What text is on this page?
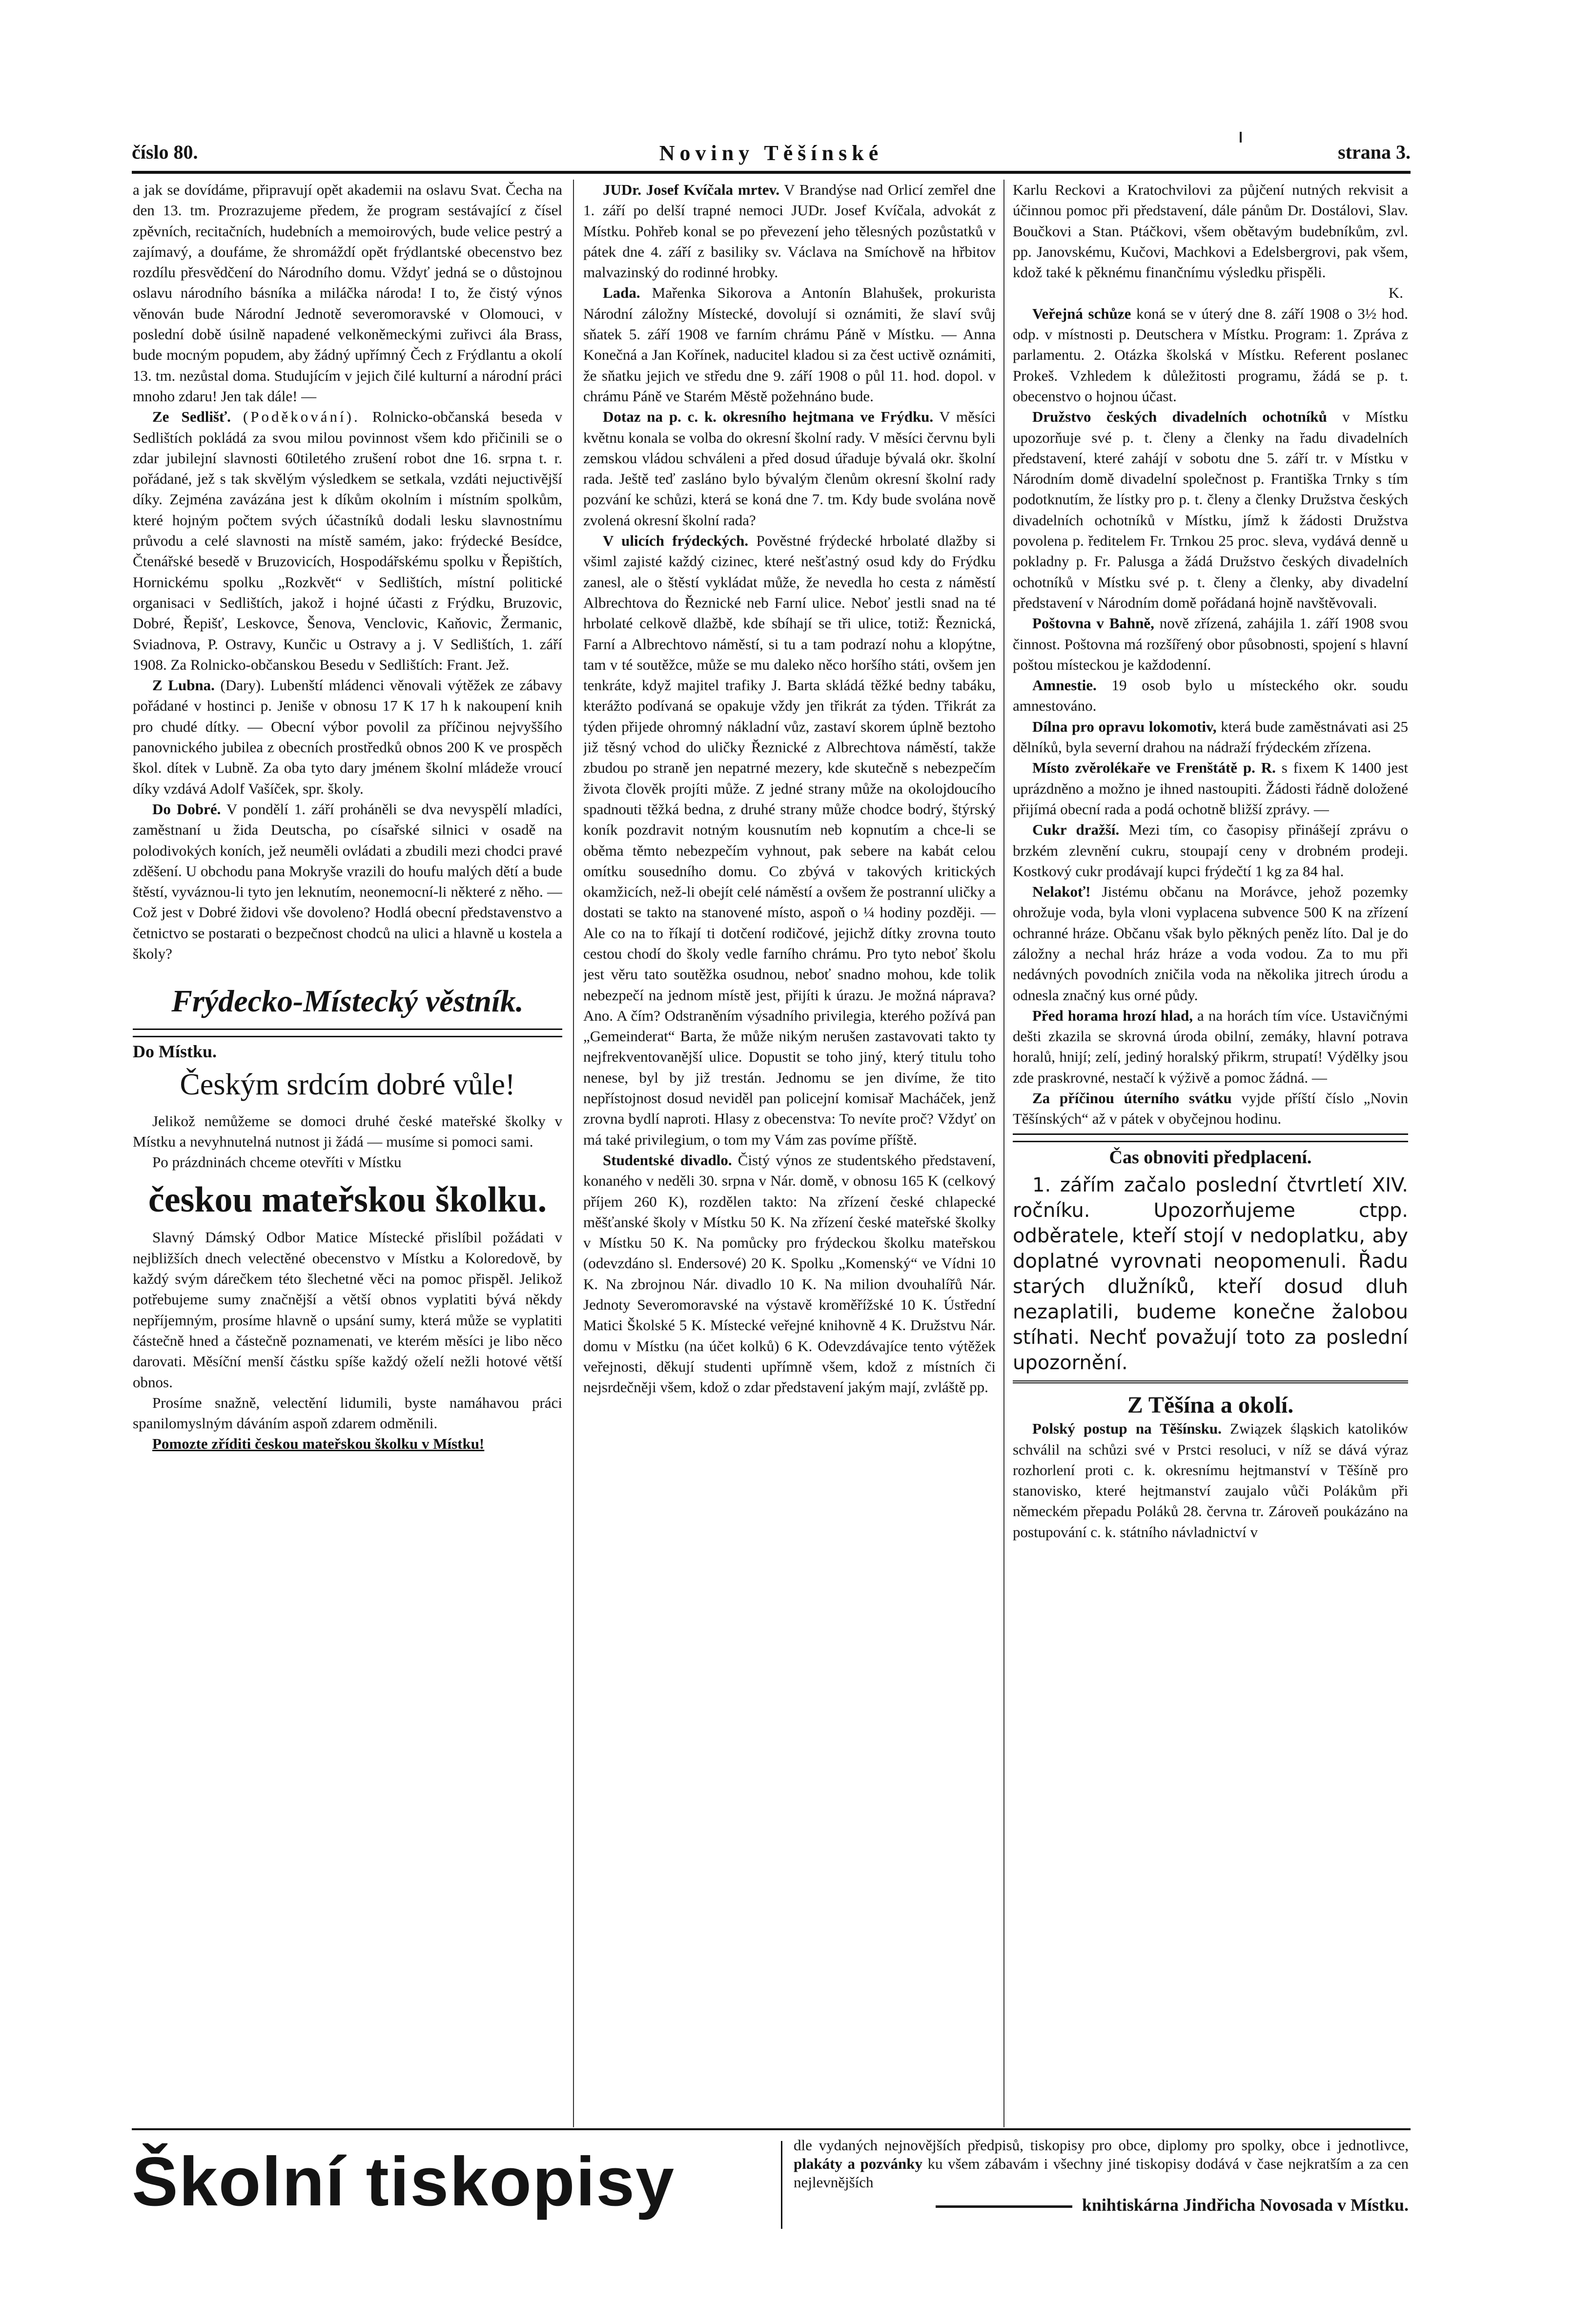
číslo 80.	Noviny Těšínské	strana 3.

a jak se dovídáme, připravují opět akademii na oslavu Svat. Čecha na den 13. tm. Prozrazujeme předem, že program sestávající z čísel zpěvních, recitačních, hudebních a memoirových, bude velice pestrý a zajímavý, a doufáme, že shromáždí opět frýdlantské obecenstvo bez rozdílu přesvědčení do Národního domu. Vždyť jedná se o důstojnou oslavu národního básníka a miláčka národa! I to, že čistý výnos věnován bude Národní Jednotě severomoravské v Olomouci, v poslední době úsilně napadené velkoněmeckými zuřivci ála Brass, bude mocným popudem, aby žádný upřímný Čech z Frýdlantu a okolí 13. tm. nezůstal doma. Studujícím v jejich čilé kulturní a národní práci mnoho zdaru! Jen tak dále! —

Ze Sedlišť. (Poděkování). Rolnicko-občanská beseda v Sedlištích pokládá za svou milou povinnost všem kdo přičinili se o zdar jubilejní slavnosti 60tiletého zrušení robot dne 16. srpna t. r. pořádané, jež s tak skvělým výsledkem se setkala, vzdáti nejuctivější díky. Zejména zavázána jest k díkům okolním i místním spolkům, které hojným počtem svých účastníků dodali lesku slavnostnímu průvodu a celé slavnosti na místě samém, jako: frýdecké Besídce, Čtenářské besedě v Bruzovicích, Hospodářskému spolku v Řepištích, Hornickému spolku „Rozkvět“ v Sedlištích, místní politické organisaci v Sedlištích, jakož i hojné účasti z Frýdku, Bruzovic, Dobré, Řepišť, Leskovce, Šenova, Venclovic, Kaňovic, Žermanic, Sviadnova, P. Ostravy, Kunčic u Ostravy a j. V Sedlištích, 1. září 1908. Za Rolnicko-občanskou Besedu v Sedlištích: Frant. Jež.

Z Lubna. (Dary). Lubenští mládenci věnovali výtěžek ze zábavy pořádané v hostinci p. Jeniše v obnosu 17 K 17 h k nakoupení knih pro chudé dítky. — Obecní výbor povolil za příčinou nejvyššího panovnického jubilea z obecních prostředků obnos 200 K ve prospěch škol. dítek v Lubně. Za oba tyto dary jménem školní mládeže vroucí díky vzdává Adolf Vašíček, spr. školy.

Do Dobré. V pondělí 1. září proháněli se dva nevyspělí mladíci, zaměstnaní u žida Deutscha, po císařské silnici v osadě na polodivokých koních, jež neuměli ovládati a zbudili mezi chodci pravé zděšení. U obchodu pana Mokryše vrazili do houfu malých dětí a bude štěstí, vyváznou-li tyto jen leknutím, neonemocní-li některé z něho. — Což jest v Dobré židovi vše dovoleno? Hodlá obecní představenstvo a četnictvo se postarati o bezpečnost chodců na ulici a hlavně u kostela a školy?

Frýdecko-Místecký věstník.

Do Místku.

Českým srdcím dobré vůle!

Jelikož nemůžeme se domoci druhé české mateřské školky v Místku a nevyhnutelná nutnost ji žádá — musíme si pomoci sami.

Po prázdninách chceme otevříti v Místku

českou mateřskou školku.

Slavný Dámský Odbor Matice Místecké přislíbil požádati v nejbližších dnech velectěné obecenstvo v Místku a Koloredově, by každý svým dárečkem této šlechetné věci na pomoc přispěl. Jelikož potřebujeme sumy značnější a větší obnos vyplatiti bývá někdy nepříjemným, prosíme hlavně o upsání sumy, která může se vyplatiti částečně hned a částečně poznamenati, ve kterém měsíci je libo něco darovati. Měsíční menší částku spíše každý oželí nežli hotové větší obnos.

Prosíme snažně, velectění lidumili, byste namáhavou práci spanilomyslným dáváním aspoň zdarem odměnili.

Pomozte zříditi českou mateřskou školku v Místku!

JUDr. Josef Kvíčala mrtev. V Brandýse nad Orlicí zemřel dne 1. září po delší trapné nemoci JUDr. Josef Kvíčala, advokát z Místku. Pohřeb konal se po převezení jeho tělesných pozůstatků v pátek dne 4. září z basiliky sv. Václava na Smíchově na hřbitov malvazinský do rodinné hrobky.

Lada. Mařenka Sikorova a Antonín Blahušek, prokurista Národní záložny Místecké, dovolují si oznámiti, že slaví svůj sňatek 5. září 1908 ve farním chrámu Páně v Místku. — Anna Konečná a Jan Kořínek, naducitel kladou si za čest uctivě oznámiti, že sňatku jejich ve středu dne 9. září 1908 o půl 11. hod. dopol. v chrámu Páně ve Starém Městě požehnáno bude.

Dotaz na p. c. k. okresního hejtmana ve Frýdku. V měsíci květnu konala se volba do okresní školní rady. V měsíci červnu byli zemskou vládou schváleni a před dosud úřaduje bývalá okr. školní rada. Ještě teď zasláno bylo bývalým členům okresní školní rady pozvání ke schůzi, která se koná dne 7. tm. Kdy bude svolána nově zvolená okresní školní rada?

V ulicích frýdeckých. Pověstné frýdecké hrbolaté dlažby si všiml zajisté každý cizinec, které nešťastný osud kdy do Frýdku zanesl, ale o štěstí vykládat může, že nevedla ho cesta z náměstí Albrechtova do Řeznické neb Farní ulice. Neboť jestli snad na té hrbolaté celkově dlažbě, kde sbíhají se tři ulice, totiž: Řeznická, Farní a Albrechtovo náměstí, si tu a tam podrazí nohu a klopýtne, tam v té soutěžce, může se mu daleko něco horšího státi, ovšem jen tenkráte, když majitel trafiky J. Barta skládá těžké bedny tabáku, kterážto podívaná se opakuje vždy jen třikrát za týden. Třikrát za týden přijede ohromný nákladní vůz, zastaví skorem úplně beztoho již těsný vchod do uličky Řeznické z Albrechtova náměstí, takže zbudou po straně jen nepatrné mezery, kde skutečně s nebezpečím života člověk projíti může. Z jedné strany může na okolojdoucího spadnouti těžká bedna, z druhé strany může chodce bodrý, štýrský koník pozdravit notným kousnutím neb kopnutím a chce-li se oběma těmto nebezpečím vyhnout, pak sebere na kabát celou omítku sousedního domu. Co zbývá v takových kritických okamžicích, než-li obejít celé náměstí a ovšem že postranní uličky a dostati se takto na stanovené místo, aspoň o ¼ hodiny později. — Ale co na to říkají ti dotčení rodičové, jejichž dítky zrovna touto cestou chodí do školy vedle farního chrámu. Pro tyto neboť školu jest věru tato soutěžka osudnou, neboť snadno mohou, kde tolik nebezpečí na jednom místě jest, přijíti k úrazu. Je možná náprava? Ano. A čím? Odstraněním výsadního privilegia, kterého požívá pan „Gemeinderat“ Barta, že může nikým nerušen zastavovati takto ty nejfrekventovanější ulice. Dopustit se toho jiný, který titulu toho nenese, byl by již trestán. Jednomu se jen divíme, že tito nepřístojnost dosud neviděl pan policejní komisař Macháček, jenž zrovna bydlí naproti. Hlasy z obecenstva: To nevíte proč? Vždyť on má také privilegium, o tom my Vám zas povíme příště.

Studentské divadlo. Čistý výnos ze studentského představení, konaného v neděli 30. srpna v Nár. domě, v obnosu 165 K (celkový příjem 260 K), rozdělen takto: Na zřízení české chlapecké měšťanské školy v Místku 50 K. Na zřízení české mateřské školky v Místku 50 K. Na pomůcky pro frýdeckou školku mateřskou (odevzdáno sl. Endersové) 20 K. Spolku „Komenský“ ve Vídni 10 K. Na zbrojnou Nár. divadlo 10 K. Na milion dvouhalířů Nár. Jednoty Severomoravské na výstavě kroměřížské 10 K. Ústřední Matici Školské 5 K. Místecké veřejné knihovně 4 K. Družstvu Nár. domu v Místku (na účet kolků) 6 K. Odevzdávajíce tento výtěžek veřejnosti, děkují studenti upřímně všem, kdož z místních či nejsrdečněji všem, kdož o zdar představení jakým mají, zvláště pp.

Karlu Reckovi a Kratochvilovi za půjčení nutných rekvisit a účinnou pomoc při představení, dále pánům Dr. Dostálovi, Slav. Boučkovi a Stan. Ptáčkovi, všem obětavým budebníkům, zvl. pp. Janovskému, Kučovi, Machkovi a Edelsbergrovi, pak všem, kdož také k pěknému finančnímu výsledku přispěli.

K.

Veřejná schůze koná se v úterý dne 8. září 1908 o 3½ hod. odp. v místnosti p. Deutschera v Místku. Program: 1. Zpráva z parlamentu. 2. Otázka školská v Místku. Referent poslanec Prokeš. Vzhledem k důležitosti programu, žádá se p. t. obecenstvo o hojnou účast.

Družstvo českých divadelních ochotníků v Místku upozorňuje své p. t. členy a členky na řadu divadelních představení, které zahájí v sobotu dne 5. září tr. v Místku v Národním domě divadelní společnost p. Františka Trnky s tím podotknutím, že lístky pro p. t. členy a členky Družstva českých divadelních ochotníků v Místku, jímž k žádosti Družstva povolena p. ředitelem Fr. Trnkou 25 proc. sleva, vydává denně u pokladny p. Fr. Palusga a žádá Družstvo českých divadelních ochotníků v Místku své p. t. členy a členky, aby divadelní představení v Národním domě pořádaná hojně navštěvovali.

Poštovna v Bahně, nově zřízená, zahájila 1. září 1908 svou činnost. Poštovna má rozšířený obor působnosti, spojení s hlavní poštou místeckou je každodenní.

Amnestie. 19 osob bylo u místeckého okr. soudu amnestováno.

Dílna pro opravu lokomotiv, která bude zaměstnávati asi 25 dělníků, byla severní drahou na nádraží frýdeckém zřízena.

Místo zvěrolékaře ve Frenštátě p. R. s fixem K 1400 jest uprázdněno a možno je ihned nastoupiti. Žádosti řádně doložené přijímá obecní rada a podá ochotně bližší zprávy. —

Cukr dražší. Mezi tím, co časopisy přinášejí zprávu o brzkém zlevnění cukru, stoupají ceny v drobném prodeji. Kostkový cukr prodávají kupci frýdečtí 1 kg za 84 hal.

Nelakoť! Jistému občanu na Morávce, jehož pozemky ohrožuje voda, byla vloni vyplacena subvence 500 K na zřízení ochranné hráze. Občanu však bylo pěkných peněz líto. Dal je do záložny a nechal hráz hráze a voda vodou. Za to mu při nedávných povodních zničila voda na několika jitrech úrodu a odnesla značný kus orné půdy.

Před horama hrozí hlad, a na horách tím více. Ustavičnými dešti zkazila se skrovná úroda obilní, zemáky, hlavní potrava horalů, hnijí; zelí, jediný horalský přikrm, strupatí! Výdělky jsou zde praskrovné, nestačí k výživě a pomoc žádná. —

Za příčinou úterního svátku vyjde příští číslo „Novin Těšínských“ až v pátek v obyčejnou hodinu.

Čas obnoviti předplacení.

1. zářím začalo poslední čtvrtletí XIV. ročníku. Upozorňujeme ctpp. odběratele, kteří stojí v nedoplatku, aby doplatné vyrovnati neopomenuli. Řadu starých dlužníků, kteří dosud dluh nezaplatili, budeme konečne žalobou stíhati. Nechť považují toto za poslední upozornění.

Z Těšína a okolí.

Polský postup na Těšínsku. Związek śląskich katolików schválil na schůzi své v Prstci resoluci, v níž se dává výraz rozhorlení proti c. k. okresnímu hejtmanství v Těšíně pro stanovisko, které hejtmanství zaujalo vůči Polákům při německém přepadu Poláků 28. června tr. Zároveň poukázáno na postupování c. k. státního návladnictví v

Školní tiskopisy	dle vydaných nejnovějších předpisů, tiskopisy pro obce, diplomy pro spolky, obce i jednotlivce, plakáty a pozvánky ku všem zábavám i všechny jiné tiskopisy dodává v čase nejkratším a za cen nejlevnějších
knihtiskárna Jindřicha Novosada v Místku.
